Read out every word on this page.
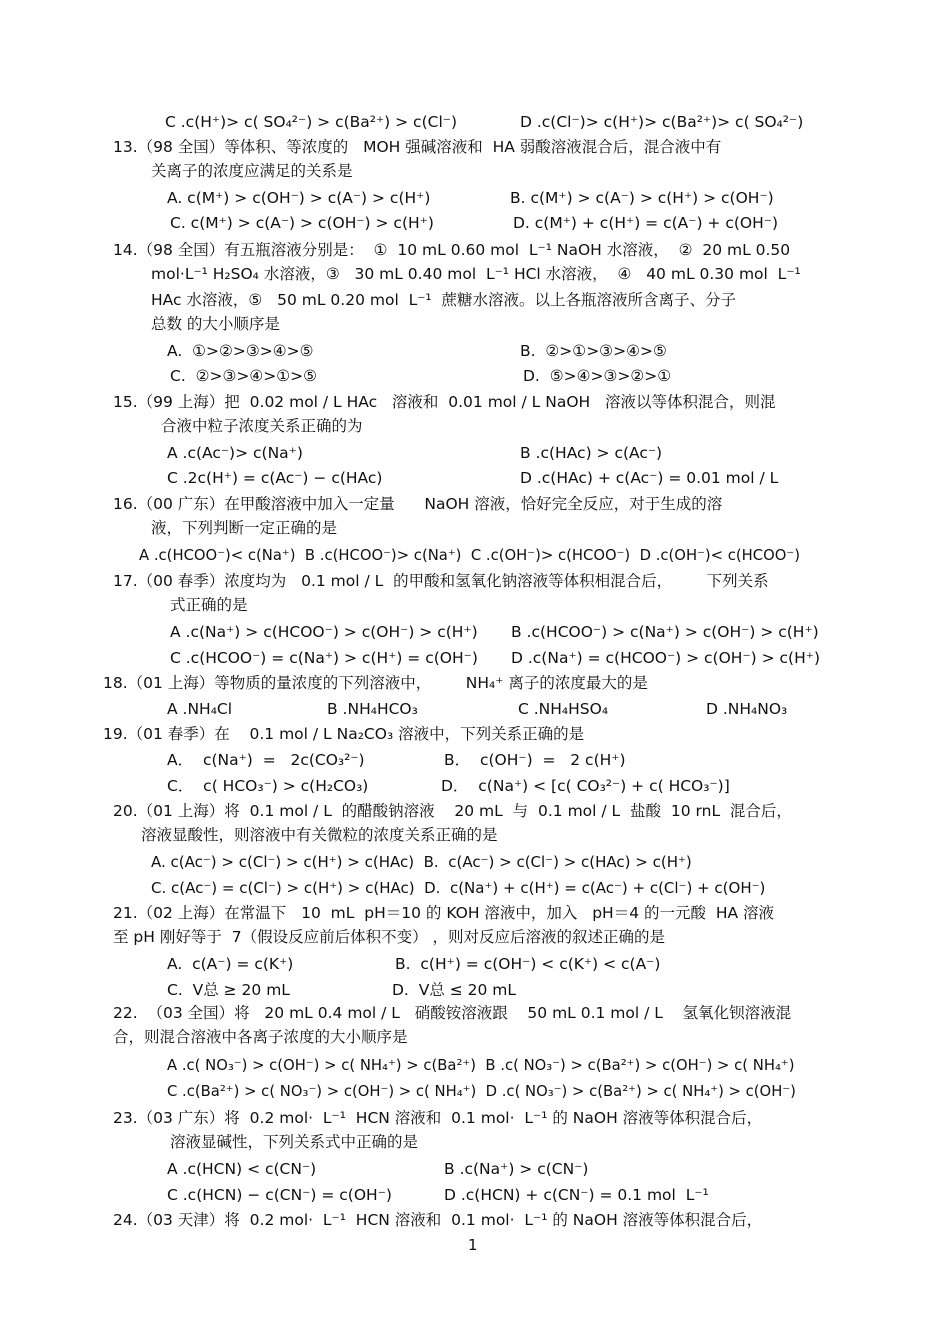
C .c(H⁺)> c( SO₄²⁻) > c(Ba²⁺) > c(Cl⁻)	D .c(Cl⁻)> c(H⁺)> c(Ba²⁺)> c( SO₄²⁻)
13.（98 全国）等体积、等浓度的   MOH 强碱溶液和  HA 弱酸溶液混合后，混合液中有
关离子的浓度应满足的关系是
A. c(M⁺) > c(OH⁻) > c(A⁻) > c(H⁺)	B. c(M⁺) > c(A⁻) > c(H⁺) > c(OH⁻)
C. c(M⁺) > c(A⁻) > c(OH⁻) > c(H⁺)	D. c(M⁺) + c(H⁺) = c(A⁻) + c(OH⁻)
14.（98 全国）有五瓶溶液分别是：  ①  10 mL 0.60 mol  L⁻¹ NaOH 水溶液，  ②  20 mL 0.50
mol·L⁻¹ H₂SO₄ 水溶液，③   30 mL 0.40 mol  L⁻¹ HCl 水溶液，  ④   40 mL 0.30 mol  L⁻¹
HAc 水溶液，⑤   50 mL 0.20 mol  L⁻¹  蔗糖水溶液。以上各瓶溶液所含离子、分子
总数 的大小顺序是
A.  ①>②>③>④>⑤	B.  ②>①>③>④>⑤
C.  ②>③>④>①>⑤	D.  ⑤>④>③>②>①
15.（99 上海）把  0.02 mol / L HAc   溶液和  0.01 mol / L NaOH   溶液以等体积混合，则混
合液中粒子浓度关系正确的为
A .c(Ac⁻)> c(Na⁺)	B .c(HAc) > c(Ac⁻)
C .2c(H⁺) = c(Ac⁻) − c(HAc)	D .c(HAc) + c(Ac⁻) = 0.01 mol / L
16.（00 广东）在甲酸溶液中加入一定量      NaOH 溶液，恰好完全反应，对于生成的溶
液，下列判断一定正确的是
A .c(HCOO⁻)< c(Na⁺)  B .c(HCOO⁻)> c(Na⁺)  C .c(OH⁻)> c(HCOO⁻)  D .c(OH⁻)< c(HCOO⁻)
17.（00 春季）浓度均为   0.1 mol / L  的甲酸和氢氧化钠溶液等体积相混合后，       下列关系
式正确的是
A .c(Na⁺) > c(HCOO⁻) > c(OH⁻) > c(H⁺) B .c(HCOO⁻) > c(Na⁺) > c(OH⁻) > c(H⁺)
C .c(HCOO⁻) = c(Na⁺) > c(H⁺) = c(OH⁻) D .c(Na⁺) = c(HCOO⁻) > c(OH⁻) > c(H⁺)
18.（01 上海）等物质的量浓度的下列溶液中，       NH₄⁺ 离子的浓度最大的是
A .NH₄Cl	B .NH₄HCO₃	C .NH₄HSO₄	D .NH₄NO₃
19.（01 春季）在    0.1 mol / L Na₂CO₃ 溶液中，下列关系正确的是
A．  c(Na⁺)  =   2c(CO₃²⁻)	B．  c(OH⁻)  =   2 c(H⁺)
C．  c( HCO₃⁻) > c(H₂CO₃)	D．  c(Na⁺) < [c( CO₃²⁻) + c( HCO₃⁻)]
20.（01 上海）将  0.1 mol / L  的醋酸钠溶液    20 mL  与  0.1 mol / L  盐酸  10 rnL  混合后，
溶液显酸性，则溶液中有关微粒的浓度关系正确的是
A. c(Ac⁻) > c(Cl⁻) > c(H⁺) > c(HAc)  B.  c(Ac⁻) > c(Cl⁻) > c(HAc) > c(H⁺)
C. c(Ac⁻) = c(Cl⁻) > c(H⁺) > c(HAc)  D.  c(Na⁺) + c(H⁺) = c(Ac⁻) + c(Cl⁻) + c(OH⁻)
21.（02 上海）在常温下   10  mL  pH＝10 的 KOH 溶液中，加入   pH＝4 的一元酸  HA 溶液
至 pH 刚好等于  7（假设反应前后体积不变） ，则对反应后溶液的叙述正确的是
A.  c(A⁻) = c(K⁺)	B.  c(H⁺) = c(OH⁻) < c(K⁺) < c(A⁻)
C.  V总 ≥ 20 mL	D.  V总 ≤ 20 mL
22.  （03 全国）将   20 mL 0.4 mol / L   硝酸铵溶液跟    50 mL 0.1 mol / L    氢氧化钡溶液混
合，则混合溶液中各离子浓度的大小顺序是
A .c( NO₃⁻) > c(OH⁻) > c( NH₄⁺) > c(Ba²⁺)  B .c( NO₃⁻) > c(Ba²⁺) > c(OH⁻) > c( NH₄⁺)
C .c(Ba²⁺) > c( NO₃⁻) > c(OH⁻) > c( NH₄⁺)  D .c( NO₃⁻) > c(Ba²⁺) > c( NH₄⁺) > c(OH⁻)
23.（03 广东）将  0.2 mol·  L⁻¹  HCN 溶液和  0.1 mol·  L⁻¹ 的 NaOH 溶液等体积混合后，
溶液显碱性，下列关系式中正确的是
A .c(HCN) < c(CN⁻)	B .c(Na⁺) > c(CN⁻)
C .c(HCN) − c(CN⁻) = c(OH⁻)	D .c(HCN) + c(CN⁻) = 0.1 mol  L⁻¹
24.（03 天津）将  0.2 mol·  L⁻¹  HCN 溶液和  0.1 mol·  L⁻¹ 的 NaOH 溶液等体积混合后，
1
